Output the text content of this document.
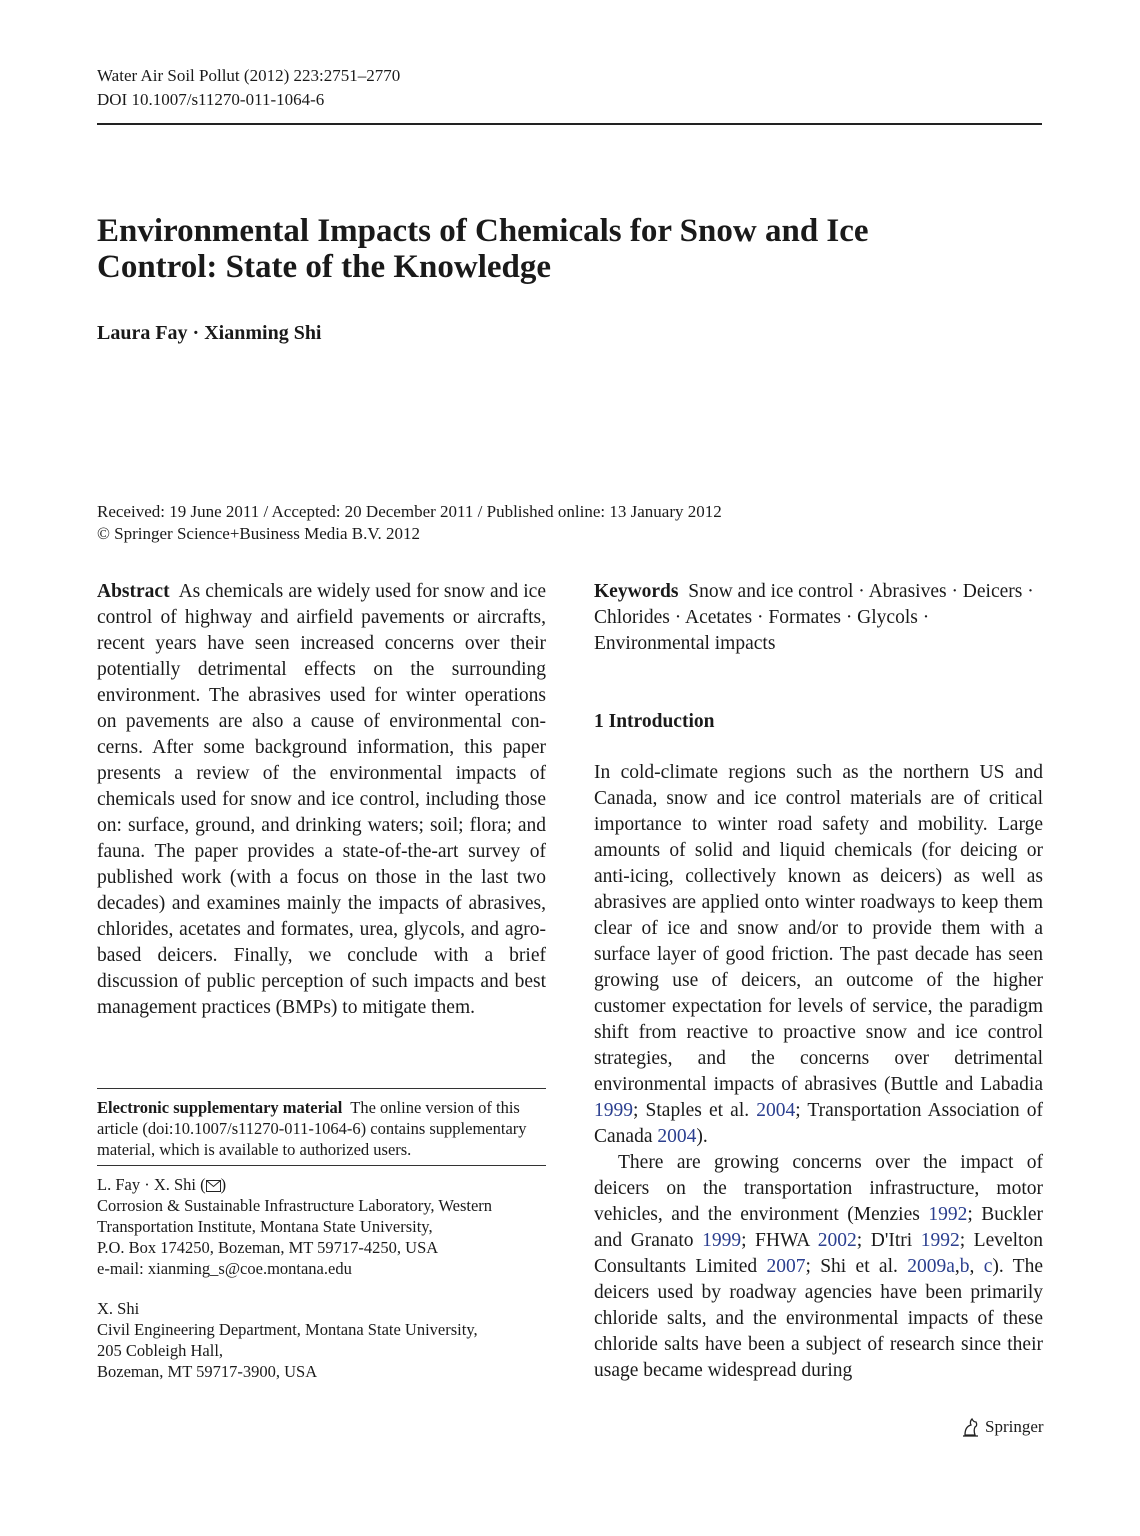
Water Air Soil Pollut (2012) 223:2751–2770
DOI 10.1007/s11270-011-1064-6
Environmental Impacts of Chemicals for Snow and Ice
Control: State of the Knowledge
Laura Fay · Xianming Shi
Received: 19 June 2011 / Accepted: 20 December 2011 / Published online: 13 January 2012
© Springer Science+Business Media B.V. 2012

Abstract As chemicals are widely used for snow and ice control of highway and airfield pavements or aircrafts, recent years have seen increased concerns over their potentially detrimental effects on the surrounding environment. The abrasives used for winter operations on pavements are also a cause of environmental concerns. After some background information, this paper presents a review of the environmental impacts of chemicals used for snow and ice control, including those on: surface, ground, and drinking waters; soil; flora; and fauna. The paper provides a state-of-the-art survey of published work (with a focus on those in the last two decades) and examines mainly the impacts of abrasives, chlorides, acetates and formates, urea, glycols, and agro-based deicers. Finally, we conclude with a brief discussion of public perception of such impacts and best management practices (BMPs) to mitigate them.

Electronic supplementary material The online version of this article (doi:10.1007/s11270-011-1064-6) contains supplementary material, which is available to authorized users.
L. Fay · X. Shi ( )
Corrosion & Sustainable Infrastructure Laboratory, Western
Transportation Institute, Montana State University,
P.O. Box 174250, Bozeman, MT 59717-4250, USA
e-mail: xianming_s@coe.montana.edu
X. Shi
Civil Engineering Department, Montana State University,
205 Cobleigh Hall,
Bozeman, MT 59717-3900, USA

Keywords Snow and ice control · Abrasives · Deicers · Chlorides · Acetates · Formates · Glycols · Environmental impacts

1 Introduction

In cold-climate regions such as the northern US and Canada, snow and ice control materials are of critical importance to winter road safety and mobility. Large amounts of solid and liquid chemicals (for deicing or anti-icing, collectively known as deicers) as well as abrasives are applied onto winter roadways to keep them clear of ice and snow and/or to provide them with a surface layer of good friction. The past decade has seen growing use of deicers, an outcome of the higher customer expectation for levels of service, the paradigm shift from reactive to proactive snow and ice control strategies, and the concerns over detrimental environmental impacts of abrasives (Buttle and Labadia 1999; Staples et al. 2004; Transportation Association of Canada 2004).

There are growing concerns over the impact of deicers on the transportation infrastructure, motor vehicles, and the environment (Menzies 1992; Buckler and Granato 1999; FHWA 2002; D'Itri 1992; Levelton Consultants Limited 2007; Shi et al. 2009a,b, c). The deicers used by roadway agencies have been primarily chloride salts, and the environmental impacts of these chloride salts have been a subject of research since their usage became widespread during

Springer
